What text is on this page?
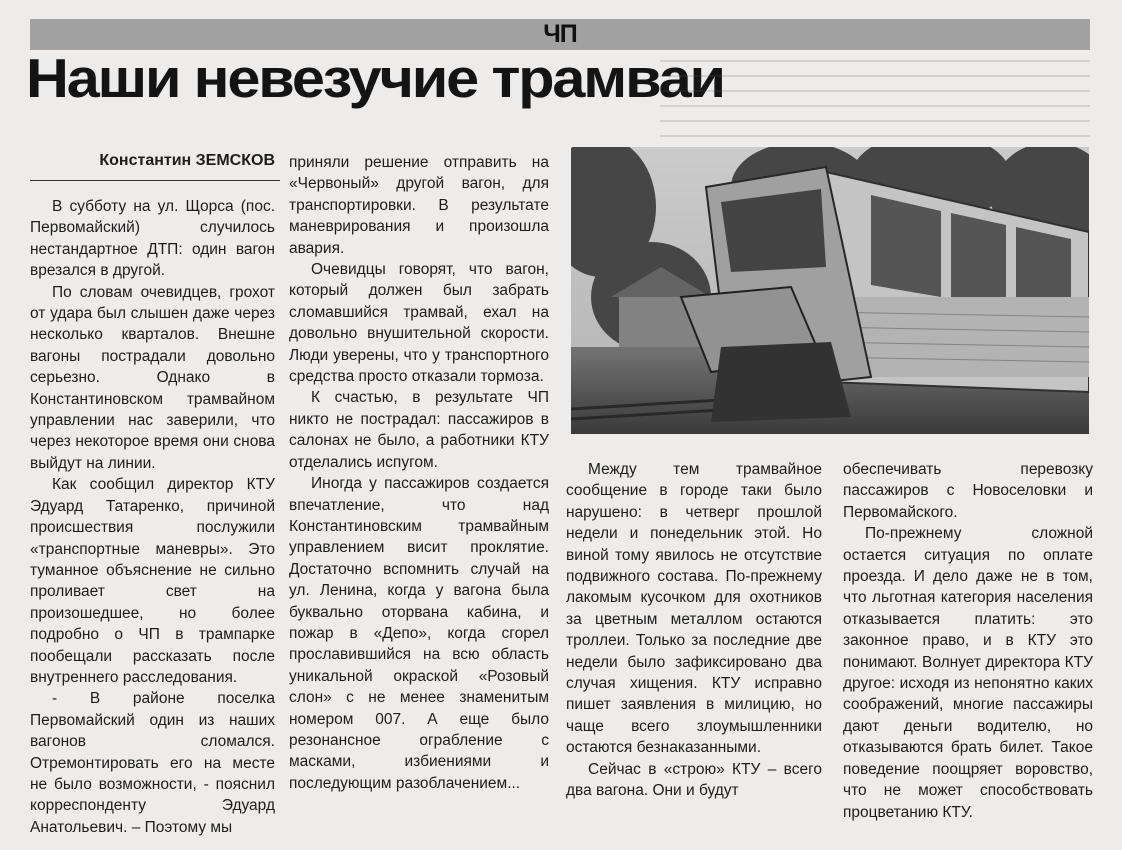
ЧП
Наши невезучие трамваи
Константин ЗЕМСКОВ

В субботу на ул. Щорса (пос. Первомайский) случилось нестандартное ДТП: один вагон врезался в другой.

По словам очевидцев, грохот от удара был слышен даже через несколько кварталов. Внешне вагоны пострадали довольно серьезно. Однако в Константиновском трамвайном управлении нас заверили, что через некоторое время они снова выйдут на линии.

Как сообщил директор КТУ Эдуард Татаренко, причиной происшествия послужили «транспортные маневры». Это туманное объяснение не сильно проливает свет на произошедшее, но более подробно о ЧП в трампарке пообещали рассказать после внутреннего расследования.

- В районе поселка Первомайский один из наших вагонов сломался. Отремонтировать его на месте не было возможности, - пояснил корреспонденту Эдуард Анатольевич. – Поэтому мы

приняли решение отправить на «Червоный» другой вагон, для транспортировки. В результате маневрирования и произошла авария.

Очевидцы говорят, что вагон, который должен был забрать сломавшийся трамвай, ехал на довольно внушительной скорости. Люди уверены, что у транспортного средства просто отказали тормоза.

К счастью, в результате ЧП никто не пострадал: пассажиров в салонах не было, а работники КТУ отделались испугом.

Иногда у пассажиров создается впечатление, что над Константиновским трамвайным управлением висит проклятие. Достаточно вспомнить случай на ул. Ленина, когда у вагона была буквально оторвана кабина, и пожар в «Депо», когда сгорел прославившийся на всю область уникальной окраской «Розовый слон» с не менее знаменитым номером 007. А еще было резонансное ограбление с масками, избиениями и последующим разоблачением...

Между тем трамвайное сообщение в городе таки было нарушено: в четверг прошлой недели и понедельник этой. Но виной тому явилось не отсутствие подвижного состава. По-прежнему лакомым кусочком для охотников за цветным металлом остаются троллеи. Только за последние две недели было зафиксировано два случая хищения. КТУ исправно пишет заявления в милицию, но чаще всего злоумышленники остаются безнаказанными.

Сейчас в «строю» КТУ – всего два вагона. Они и будут

обеспечивать перевозку пассажиров с Новоселовки и Первомайского.

По-прежнему сложной остается ситуация по оплате проезда. И дело даже не в том, что льготная категория населения отказывается платить: это законное право, и в КТУ это понимают. Волнует директора КТУ другое: исходя из непонятно каких соображений, многие пассажиры дают деньги водителю, но отказываются брать билет. Такое поведение поощряет воровство, что не может способствовать процветанию КТУ.
